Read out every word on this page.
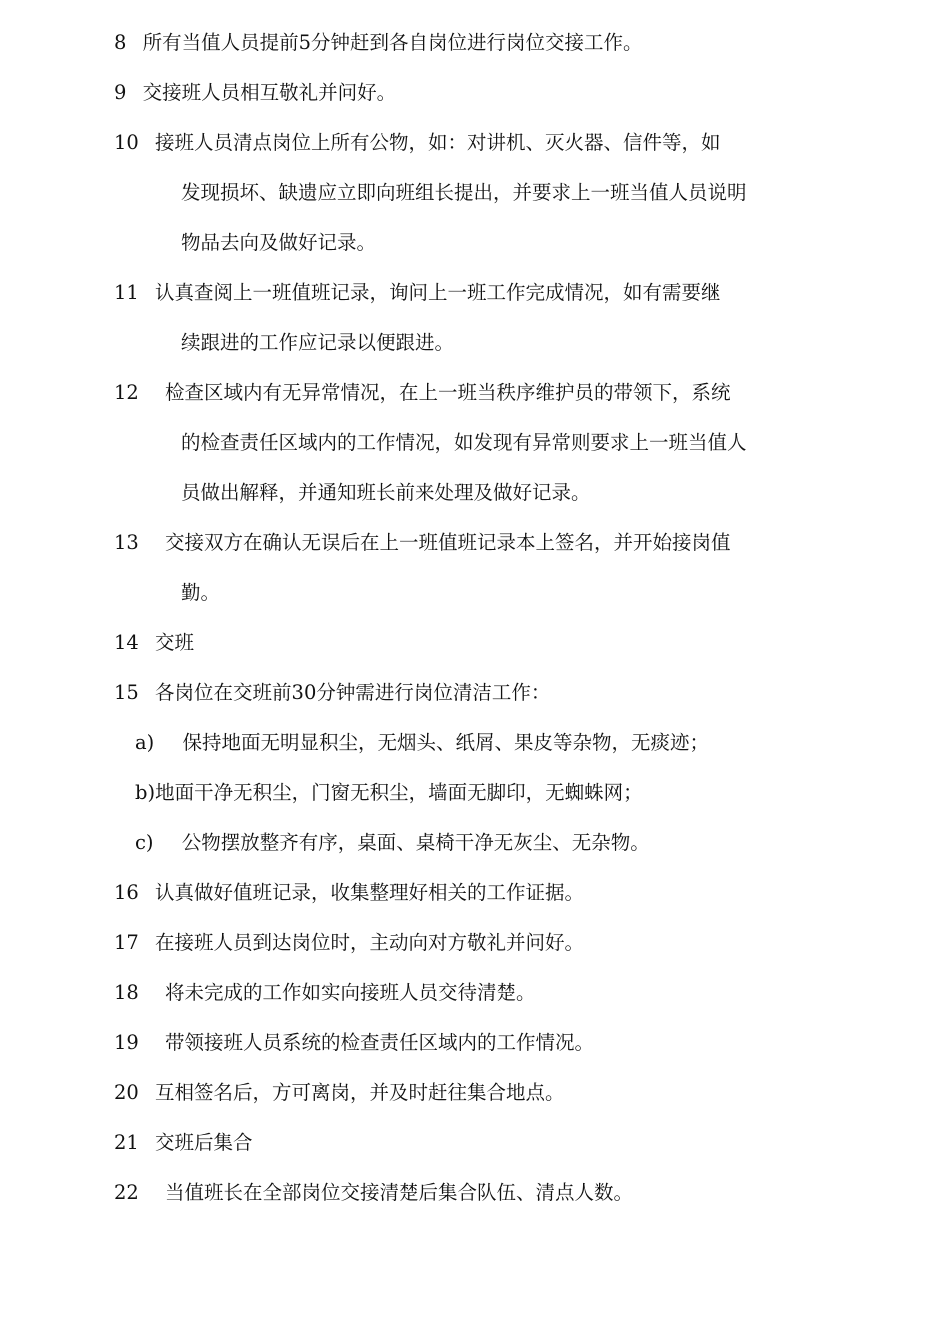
8 所有当值人员提前5分钟赶到各自岗位进行岗位交接工作。
9 交接班人员相互敬礼并问好。
10 接班人员清点岗位上所有公物，如：对讲机、灭火器、信件等，如
发现损坏、缺遗应立即向班组长提出，并要求上一班当值人员说明
物品去向及做好记录。
11 认真查阅上一班值班记录，询问上一班工作完成情况，如有需要继
续跟进的工作应记录以便跟进。
12 检查区域内有无异常情况，在上一班当秩序维护员的带领下，系统
的检查责任区域内的工作情况，如发现有异常则要求上一班当值人
员做出解释，并通知班长前来处理及做好记录。
13 交接双方在确认无误后在上一班值班记录本上签名，并开始接岗值
勤。
14 交班
15 各岗位在交班前30分钟需进行岗位清洁工作：
a) 保持地面无明显积尘，无烟头、纸屑、果皮等杂物，无痰迹；
b)地面干净无积尘，门窗无积尘，墙面无脚印，无蜘蛛网；
c) 公物摆放整齐有序，桌面、桌椅干净无灰尘、无杂物。
16 认真做好值班记录，收集整理好相关的工作证据。
17 在接班人员到达岗位时，主动向对方敬礼并问好。
18 将未完成的工作如实向接班人员交待清楚。
19 带领接班人员系统的检查责任区域内的工作情况。
20 互相签名后，方可离岗，并及时赶往集合地点。
21 交班后集合
22 当值班长在全部岗位交接清楚后集合队伍、清点人数。
